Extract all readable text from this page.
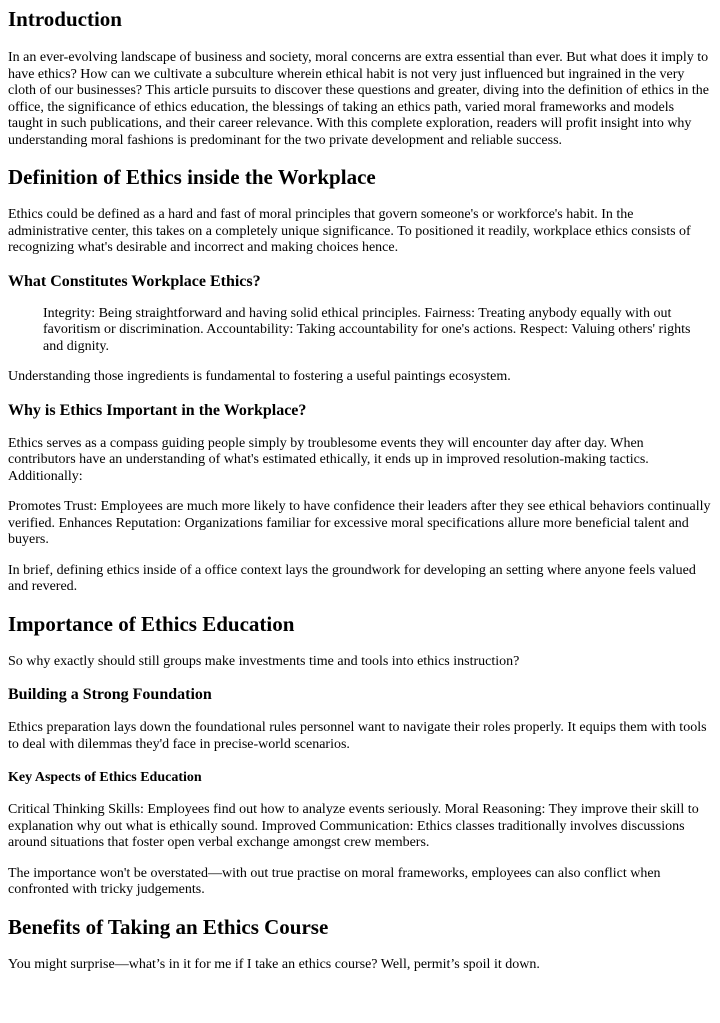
Introduction

In an ever-evolving landscape of business and society, moral concerns are extra essential than ever. But what does it imply to have ethics? How can we cultivate a subculture wherein ethical habit is not very just influenced but ingrained in the very cloth of our businesses? This article pursuits to discover these questions and greater, diving into the definition of ethics in the office, the significance of ethics education, the blessings of taking an ethics path, varied moral frameworks and models taught in such publications, and their career relevance. With this complete exploration, readers will profit insight into why understanding moral fashions is predominant for the two private development and reliable success.

Definition of Ethics inside the Workplace

Ethics could be defined as a hard and fast of moral principles that govern someone's or workforce's habit. In the administrative center, this takes on a completely unique significance. To positioned it readily, workplace ethics consists of recognizing what's desirable and incorrect and making choices hence.

What Constitutes Workplace Ethics?
Integrity: Being straightforward and having solid ethical principles. Fairness: Treating anybody equally with out favoritism or discrimination. Accountability: Taking accountability for one's actions. Respect: Valuing others' rights and dignity.

Understanding those ingredients is fundamental to fostering a useful paintings ecosystem.

Why is Ethics Important in the Workplace?

Ethics serves as a compass guiding people simply by troublesome events they will encounter day after day. When contributors have an understanding of what's estimated ethically, it ends up in improved resolution-making tactics. Additionally:

Promotes Trust: Employees are much more likely to have confidence their leaders after they see ethical behaviors continually verified. Enhances Reputation: Organizations familiar for excessive moral specifications allure more beneficial talent and buyers.

In brief, defining ethics inside of a office context lays the groundwork for developing an setting where anyone feels valued and revered.

Importance of Ethics Education

So why exactly should still groups make investments time and tools into ethics instruction?

Building a Strong Foundation

Ethics preparation lays down the foundational rules personnel want to navigate their roles properly. It equips them with tools to deal with dilemmas they'd face in precise-world scenarios.

Key Aspects of Ethics Education

Critical Thinking Skills: Employees find out how to analyze events seriously. Moral Reasoning: They improve their skill to explanation why out what is ethically sound. Improved Communication: Ethics classes traditionally involves discussions around situations that foster open verbal exchange amongst crew members.

The importance won't be overstated—with out true practise on moral frameworks, employees can also conflict when confronted with tricky judgements.

Benefits of Taking an Ethics Course

You might surprise—what’s in it for me if I take an ethics course? Well, permit’s spoil it down.
